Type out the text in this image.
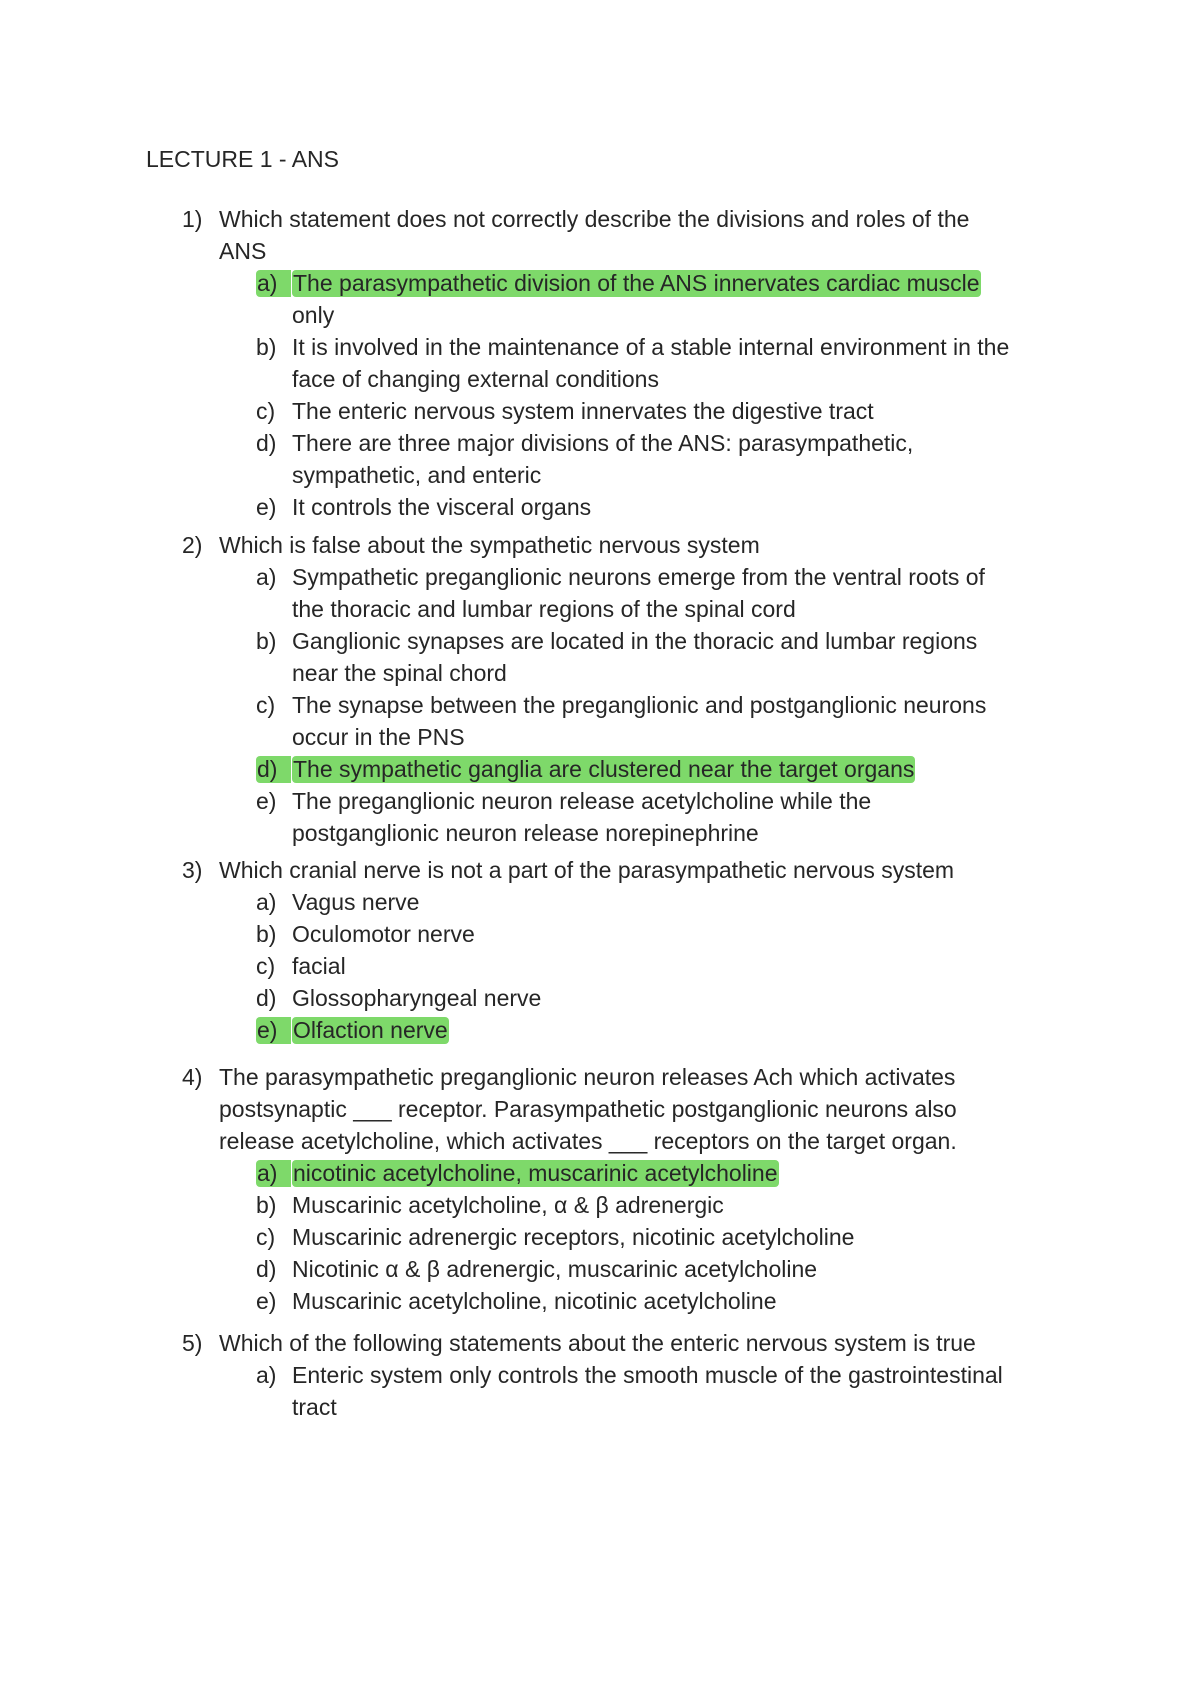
LECTURE 1 - ANS
1) Which statement does not correctly describe the divisions and roles of the
ANS
a) The parasympathetic division of the ANS innervates cardiac muscle
only
b) It is involved in the maintenance of a stable internal environment in the
face of changing external conditions
c) The enteric nervous system innervates the digestive tract
d) There are three major divisions of the ANS: parasympathetic,
sympathetic, and enteric
e) It controls the visceral organs
2) Which is false about the sympathetic nervous system
a) Sympathetic preganglionic neurons emerge from the ventral roots of
the thoracic and lumbar regions of the spinal cord
b) Ganglionic synapses are located in the thoracic and lumbar regions
near the spinal chord
c) The synapse between the preganglionic and postganglionic neurons
occur in the PNS
d) The sympathetic ganglia are clustered near the target organs
e) The preganglionic neuron release acetylcholine while the
postganglionic neuron release norepinephrine
3) Which cranial nerve is not a part of the parasympathetic nervous system
a) Vagus nerve
b) Oculomotor nerve
c) facial
d) Glossopharyngeal nerve
e) Olfaction nerve
4) The parasympathetic preganglionic neuron releases Ach which activates
postsynaptic ___ receptor. Parasympathetic postganglionic neurons also
release acetylcholine, which activates ___ receptors on the target organ.
a) nicotinic acetylcholine, muscarinic acetylcholine
b) Muscarinic acetylcholine, α & β adrenergic
c) Muscarinic adrenergic receptors, nicotinic acetylcholine
d) Nicotinic α & β adrenergic, muscarinic acetylcholine
e) Muscarinic acetylcholine, nicotinic acetylcholine
5) Which of the following statements about the enteric nervous system is true
a) Enteric system only controls the smooth muscle of the gastrointestinal
tract
